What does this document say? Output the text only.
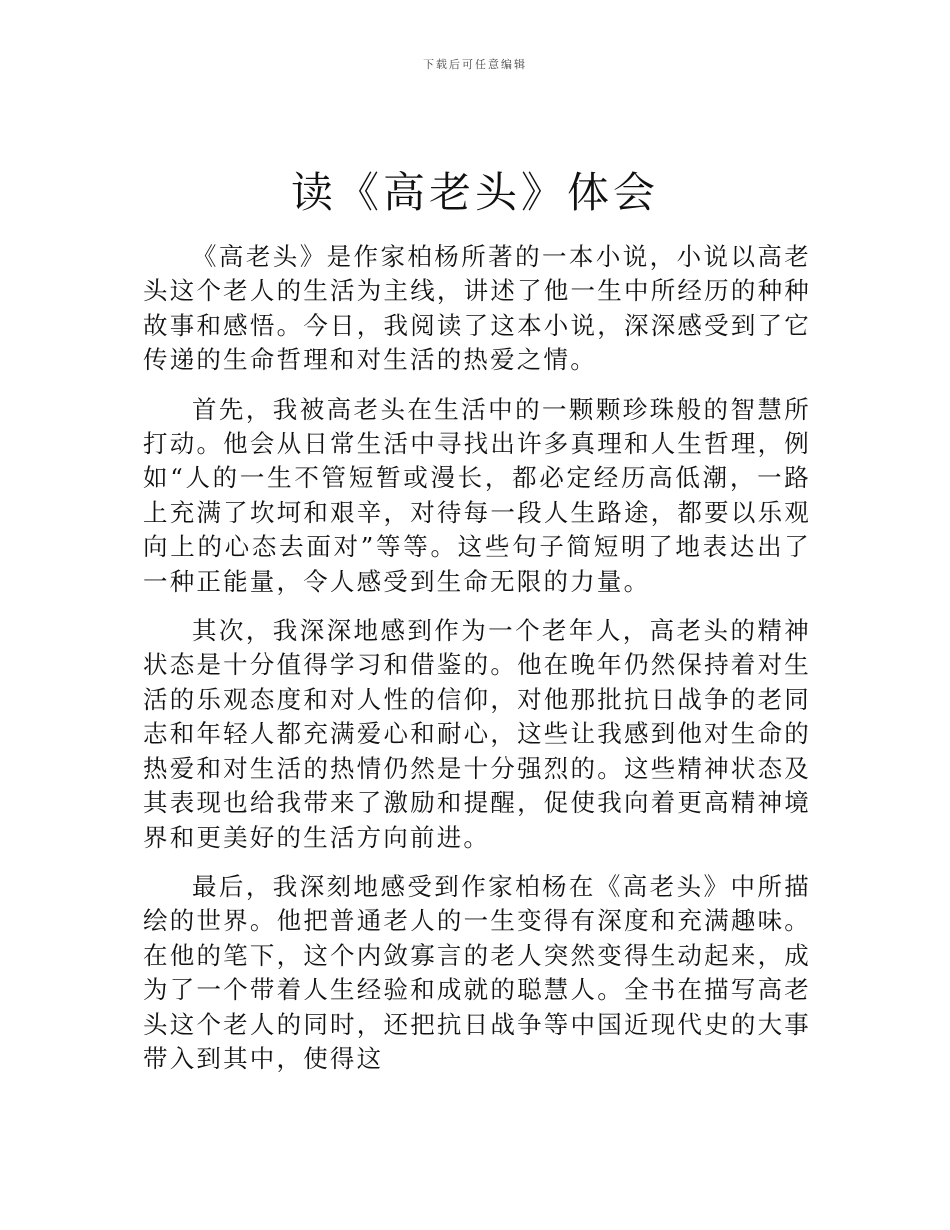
下载后可任意编辑
读《高老头》体会

《高老头》是作家柏杨所著的一本小说，小说以高老头这个老人的生活为主线，讲述了他一生中所经历的种种故事和感悟。今日，我阅读了这本小说，深深感受到了它传递的生命哲理和对生活的热爱之情。

首先，我被高老头在生活中的一颗颗珍珠般的智慧所打动。他会从日常生活中寻找出许多真理和人生哲理，例如“人的一生不管短暂或漫长，都必定经历高低潮，一路上充满了坎坷和艰辛，对待每一段人生路途，都要以乐观向上的心态去面对”等等。这些句子简短明了地表达出了一种正能量，令人感受到生命无限的力量。

其次，我深深地感到作为一个老年人，高老头的精神状态是十分值得学习和借鉴的。他在晚年仍然保持着对生活的乐观态度和对人性的信仰，对他那批抗日战争的老同志和年轻人都充满爱心和耐心，这些让我感到他对生命的热爱和对生活的热情仍然是十分强烈的。这些精神状态及其表现也给我带来了激励和提醒，促使我向着更高精神境界和更美好的生活方向前进。

最后，我深刻地感受到作家柏杨在《高老头》中所描绘的世界。他把普通老人的一生变得有深度和充满趣味。在他的笔下，这个内敛寡言的老人突然变得生动起来，成为了一个带着人生经验和成就的聪慧人。全书在描写高老头这个老人的同时，还把抗日战争等中国近现代史的大事带入到其中，使得这
